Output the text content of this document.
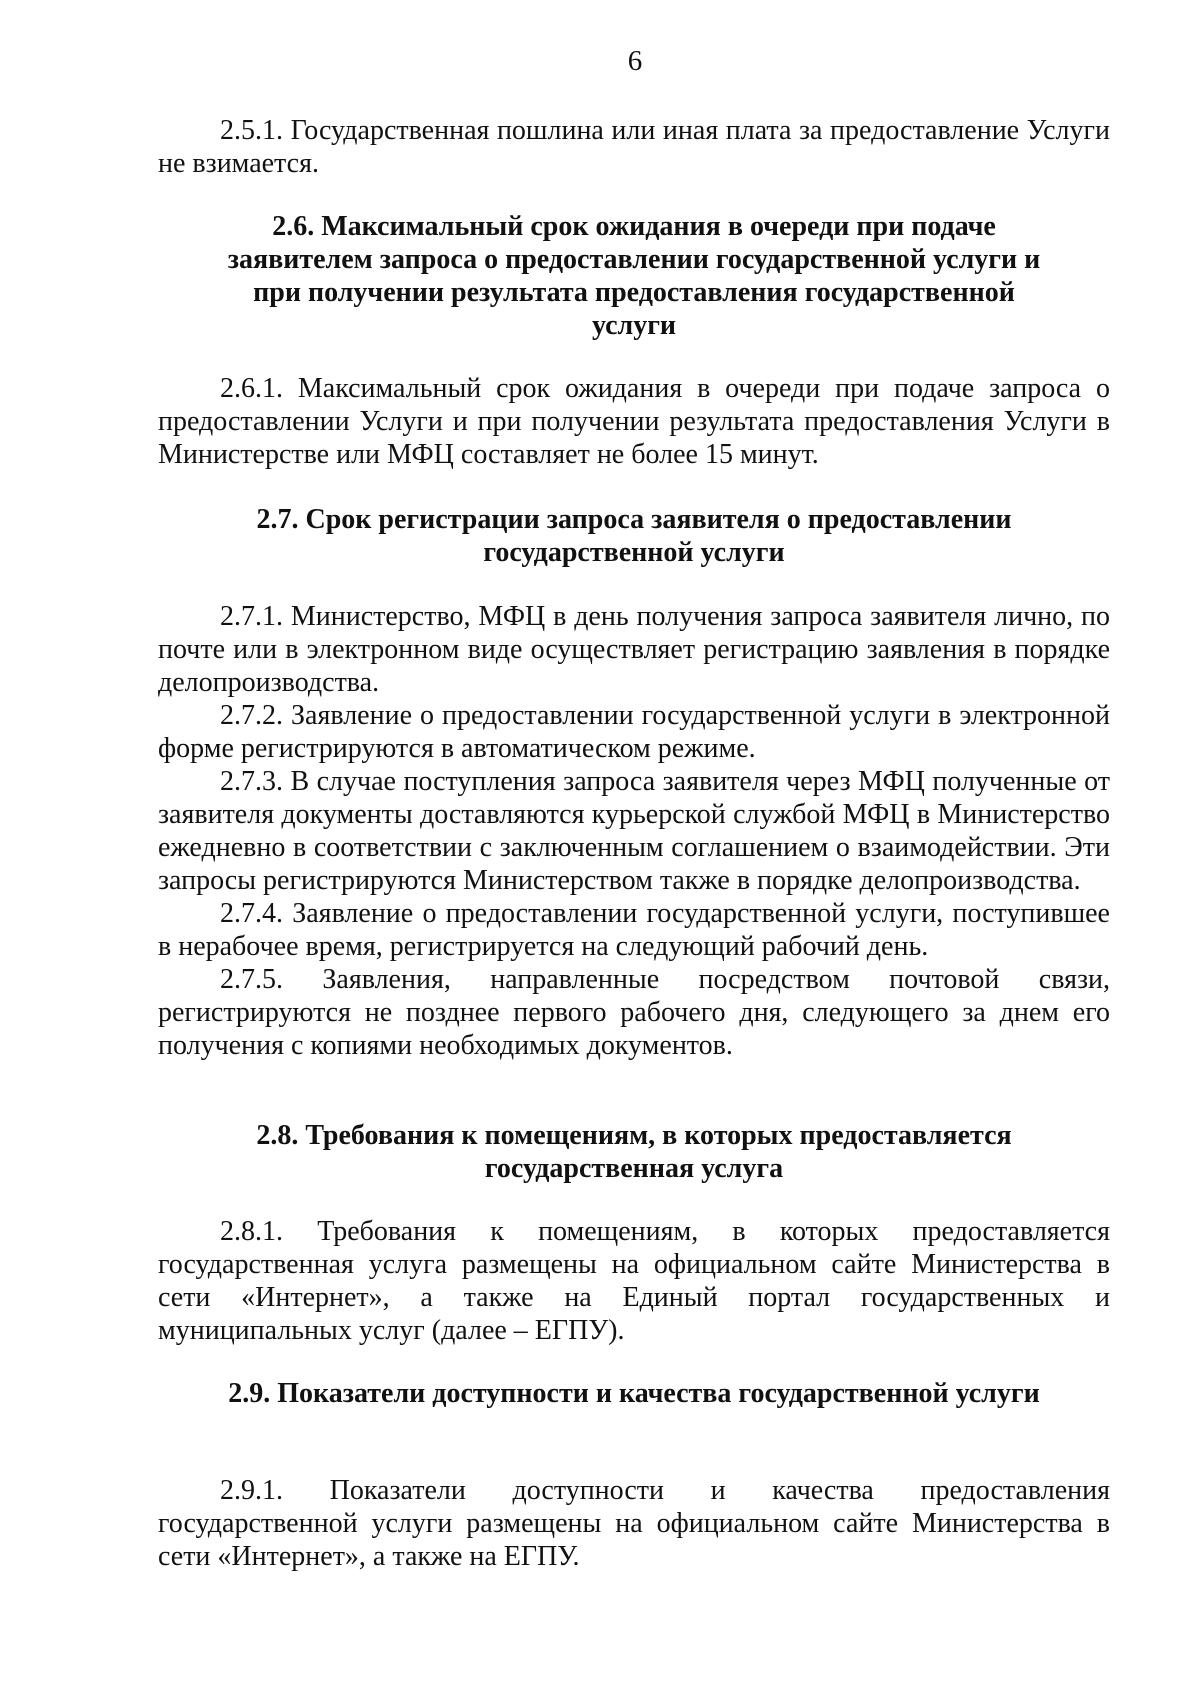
6

2.5.1. Государственная пошлина или иная плата за предоставление Услуги не взимается.

2.6. Максимальный срок ожидания в очереди при подаче заявителем запроса о предоставлении государственной услуги и при получении результата предоставления государственной услуги

2.6.1. Максимальный срок ожидания в очереди при подаче запроса о предоставлении Услуги и при получении результата предоставления Услуги в Министерстве или МФЦ составляет не более 15 минут.

2.7. Срок регистрации запроса заявителя о предоставлении государственной услуги

2.7.1. Министерство, МФЦ в день получения запроса заявителя лично, по почте или в электронном виде осуществляет регистрацию заявления в порядке делопроизводства.

2.7.2. Заявление о предоставлении государственной услуги в электронной форме регистрируются в автоматическом режиме.

2.7.3. В случае поступления запроса заявителя через МФЦ полученные от заявителя документы доставляются курьерской службой МФЦ в Министерство ежедневно в соответствии с заключенным соглашением о взаимодействии. Эти запросы регистрируются Министерством также в порядке делопроизводства.

2.7.4. Заявление о предоставлении государственной услуги, поступившее в нерабочее время, регистрируется на следующий рабочий день.

2.7.5. Заявления, направленные посредством почтовой связи, регистрируются не позднее первого рабочего дня, следующего за днем его получения с копиями необходимых документов.

2.8. Требования к помещениям, в которых предоставляется государственная услуга

2.8.1. Требования к помещениям, в которых предоставляется государственная услуга размещены на официальном сайте Министерства в сети «Интернет», а также на Единый портал государственных и муниципальных услуг (далее – ЕГПУ).

2.9. Показатели доступности и качества государственной услуги

2.9.1. Показатели доступности и качества предоставления государственной услуги размещены на официальном сайте Министерства в сети «Интернет», а также на ЕГПУ.
